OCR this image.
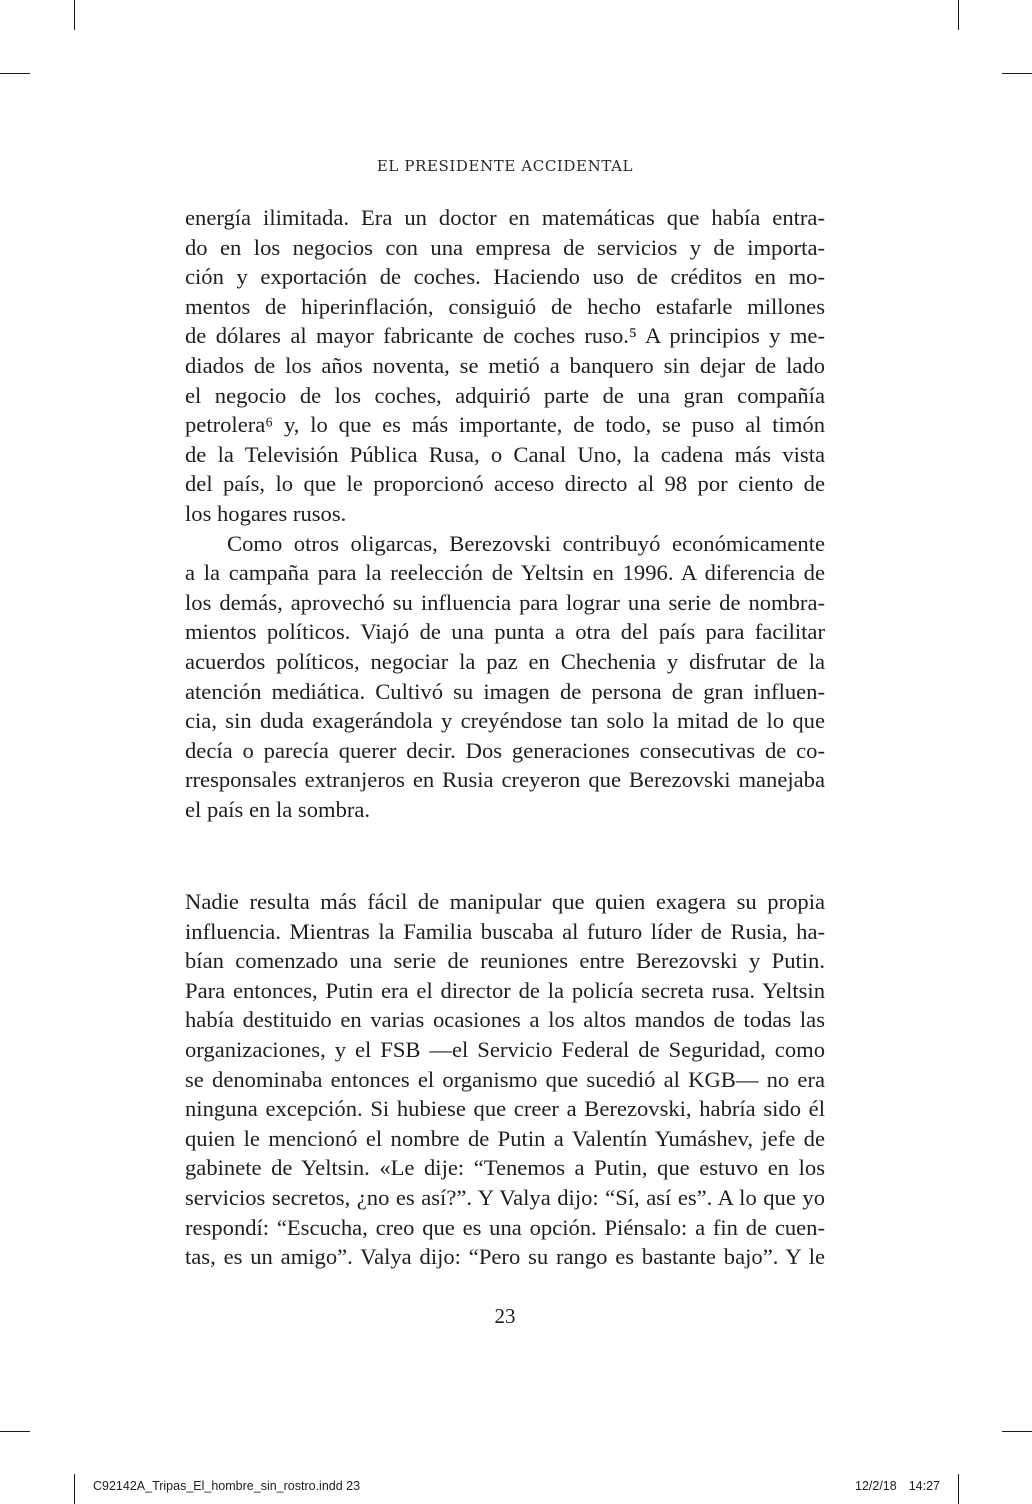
EL PRESIDENTE ACCIDENTAL
energía ilimitada. Era un doctor en matemáticas que había entra-
do en los negocios con una empresa de servicios y de importa-
ción y exportación de coches. Haciendo uso de créditos en mo-
mentos de hiperinflación, consiguió de hecho estafarle millones
de dólares al mayor fabricante de coches ruso.⁵ A principios y me-
diados de los años noventa, se metió a banquero sin dejar de lado
el negocio de los coches, adquirió parte de una gran compañía
petrolera⁶ y, lo que es más importante, de todo, se puso al timón
de la Televisión Pública Rusa, o Canal Uno, la cadena más vista
del país, lo que le proporcionó acceso directo al 98 por ciento de
los hogares rusos.
Como otros oligarcas, Berezovski contribuyó económicamente
a la campaña para la reelección de Yeltsin en 1996. A diferencia de
los demás, aprovechó su influencia para lograr una serie de nombra-
mientos políticos. Viajó de una punta a otra del país para facilitar
acuerdos políticos, negociar la paz en Chechenia y disfrutar de la
atención mediática. Cultivó su imagen de persona de gran influen-
cia, sin duda exagerándola y creyéndose tan solo la mitad de lo que
decía o parecía querer decir. Dos generaciones consecutivas de co-
rresponsales extranjeros en Rusia creyeron que Berezovski manejaba
el país en la sombra.
Nadie resulta más fácil de manipular que quien exagera su propia
influencia. Mientras la Familia buscaba al futuro líder de Rusia, ha-
bían comenzado una serie de reuniones entre Berezovski y Putin.
Para entonces, Putin era el director de la policía secreta rusa. Yeltsin
había destituido en varias ocasiones a los altos mandos de todas las
organizaciones, y el FSB —el Servicio Federal de Seguridad, como
se denominaba entonces el organismo que sucedió al KGB— no era
ninguna excepción. Si hubiese que creer a Berezovski, habría sido él
quien le mencionó el nombre de Putin a Valentín Yumáshev, jefe de
gabinete de Yeltsin. «Le dije: “Tenemos a Putin, que estuvo en los
servicios secretos, ¿no es así?”. Y Valya dijo: “Sí, así es”. A lo que yo
respondí: “Escucha, creo que es una opción. Piénsalo: a fin de cuen-
tas, es un amigo”. Valya dijo: “Pero su rango es bastante bajo”. Y le
23
C92142A_Tripas_El_hombre_sin_rostro.indd 23	12/2/18 14:27
